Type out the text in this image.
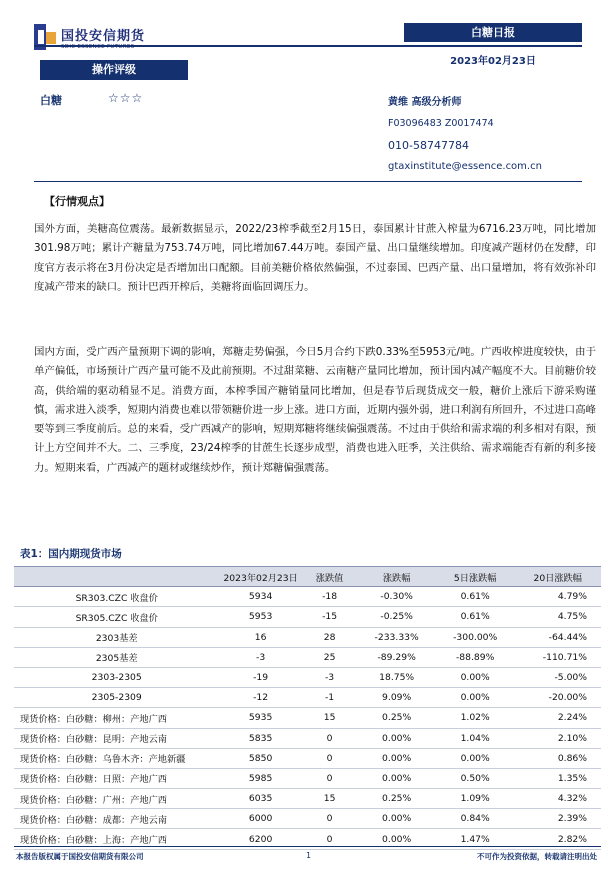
国投安信期货	白糖日报
2023年02月23日
操作评级
白糖	☆☆☆	黄维 高级分析师
F03096483 Z0017474
010-58747784
gtaxinstitute@essence.com.cn
【行情观点】
国外方面，美糖高位震荡。最新数据显示，2022/23榨季截至2月15日，泰国累计甘蔗入榨量为6716.23万吨，同比增加301.98万吨；累计产糖量为753.74万吨，同比增加67.44万吨。泰国产量、出口量继续增加。印度减产题材仍在发酵，印度官方表示将在3月份决定是否增加出口配额。目前美糖价格依然偏强，不过泰国、巴西产量、出口量增加，将有效弥补印度减产带来的缺口。预计巴西开榨后，美糖将面临回调压力。
国内方面，受广西产量预期下调的影响，郑糖走势偏强，今日5月合约下跌0.33%至5953元/吨。广西收榨进度较快，由于单产偏低，市场预计广西产量可能不及此前预期。不过甜菜糖、云南糖产量同比增加，预计国内减产幅度不大。目前糖价较高，供给端的驱动稍显不足。消费方面，本榨季国产糖销量同比增加，但是春节后现货成交一般，糖价上涨后下游采购谨慎，需求进入淡季，短期内消费也难以带领糖价进一步上涨。进口方面，近期内强外弱，进口利润有所回升，不过进口高峰要等到三季度前后。总的来看，受广西减产的影响，短期郑糖将继续偏强震荡。不过由于供给和需求端的利多相对有限，预计上方空间并不大。二、三季度，23/24榨季的甘蔗生长逐步成型，消费也进入旺季，关注供给、需求端能否有新的利多接力。短期来看，广西减产的题材或继续炒作，预计郑糖偏强震荡。
表1：国内期现货市场
	2023年02月23日	涨跌值	涨跌幅	5日涨跌幅	20日涨跌幅
SR303.CZC 收盘价	5934	-18	-0.30%	0.61%	4.79%
SR305.CZC 收盘价	5953	-15	-0.25%	0.61%	4.75%
2303基差	16	28	-233.33%	-300.00%	-64.44%
2305基差	-3	25	-89.29%	-88.89%	-110.71%
2303-2305	-19	-3	18.75%	0.00%	-5.00%
2305-2309	-12	-1	9.09%	0.00%	-20.00%
现货价格：白砂糖：柳州：产地广西	5935	15	0.25%	1.02%	2.24%
现货价格：白砂糖：昆明：产地云南	5835	0	0.00%	1.04%	2.10%
现货价格：白砂糖：乌鲁木齐：产地新疆	5850	0	0.00%	0.00%	0.86%
现货价格：白砂糖：日照：产地广西	5985	0	0.00%	0.50%	1.35%
现货价格：白砂糖：广州：产地广西	6035	15	0.25%	1.09%	4.32%
现货价格：白砂糖：成都：产地云南	6000	0	0.00%	0.84%	2.39%
现货价格：白砂糖：上海：产地广西	6200	0	0.00%	1.47%	2.82%
本报告版权属于国投安信期货有限公司	1	不可作为投资依据，转载请注明出处
